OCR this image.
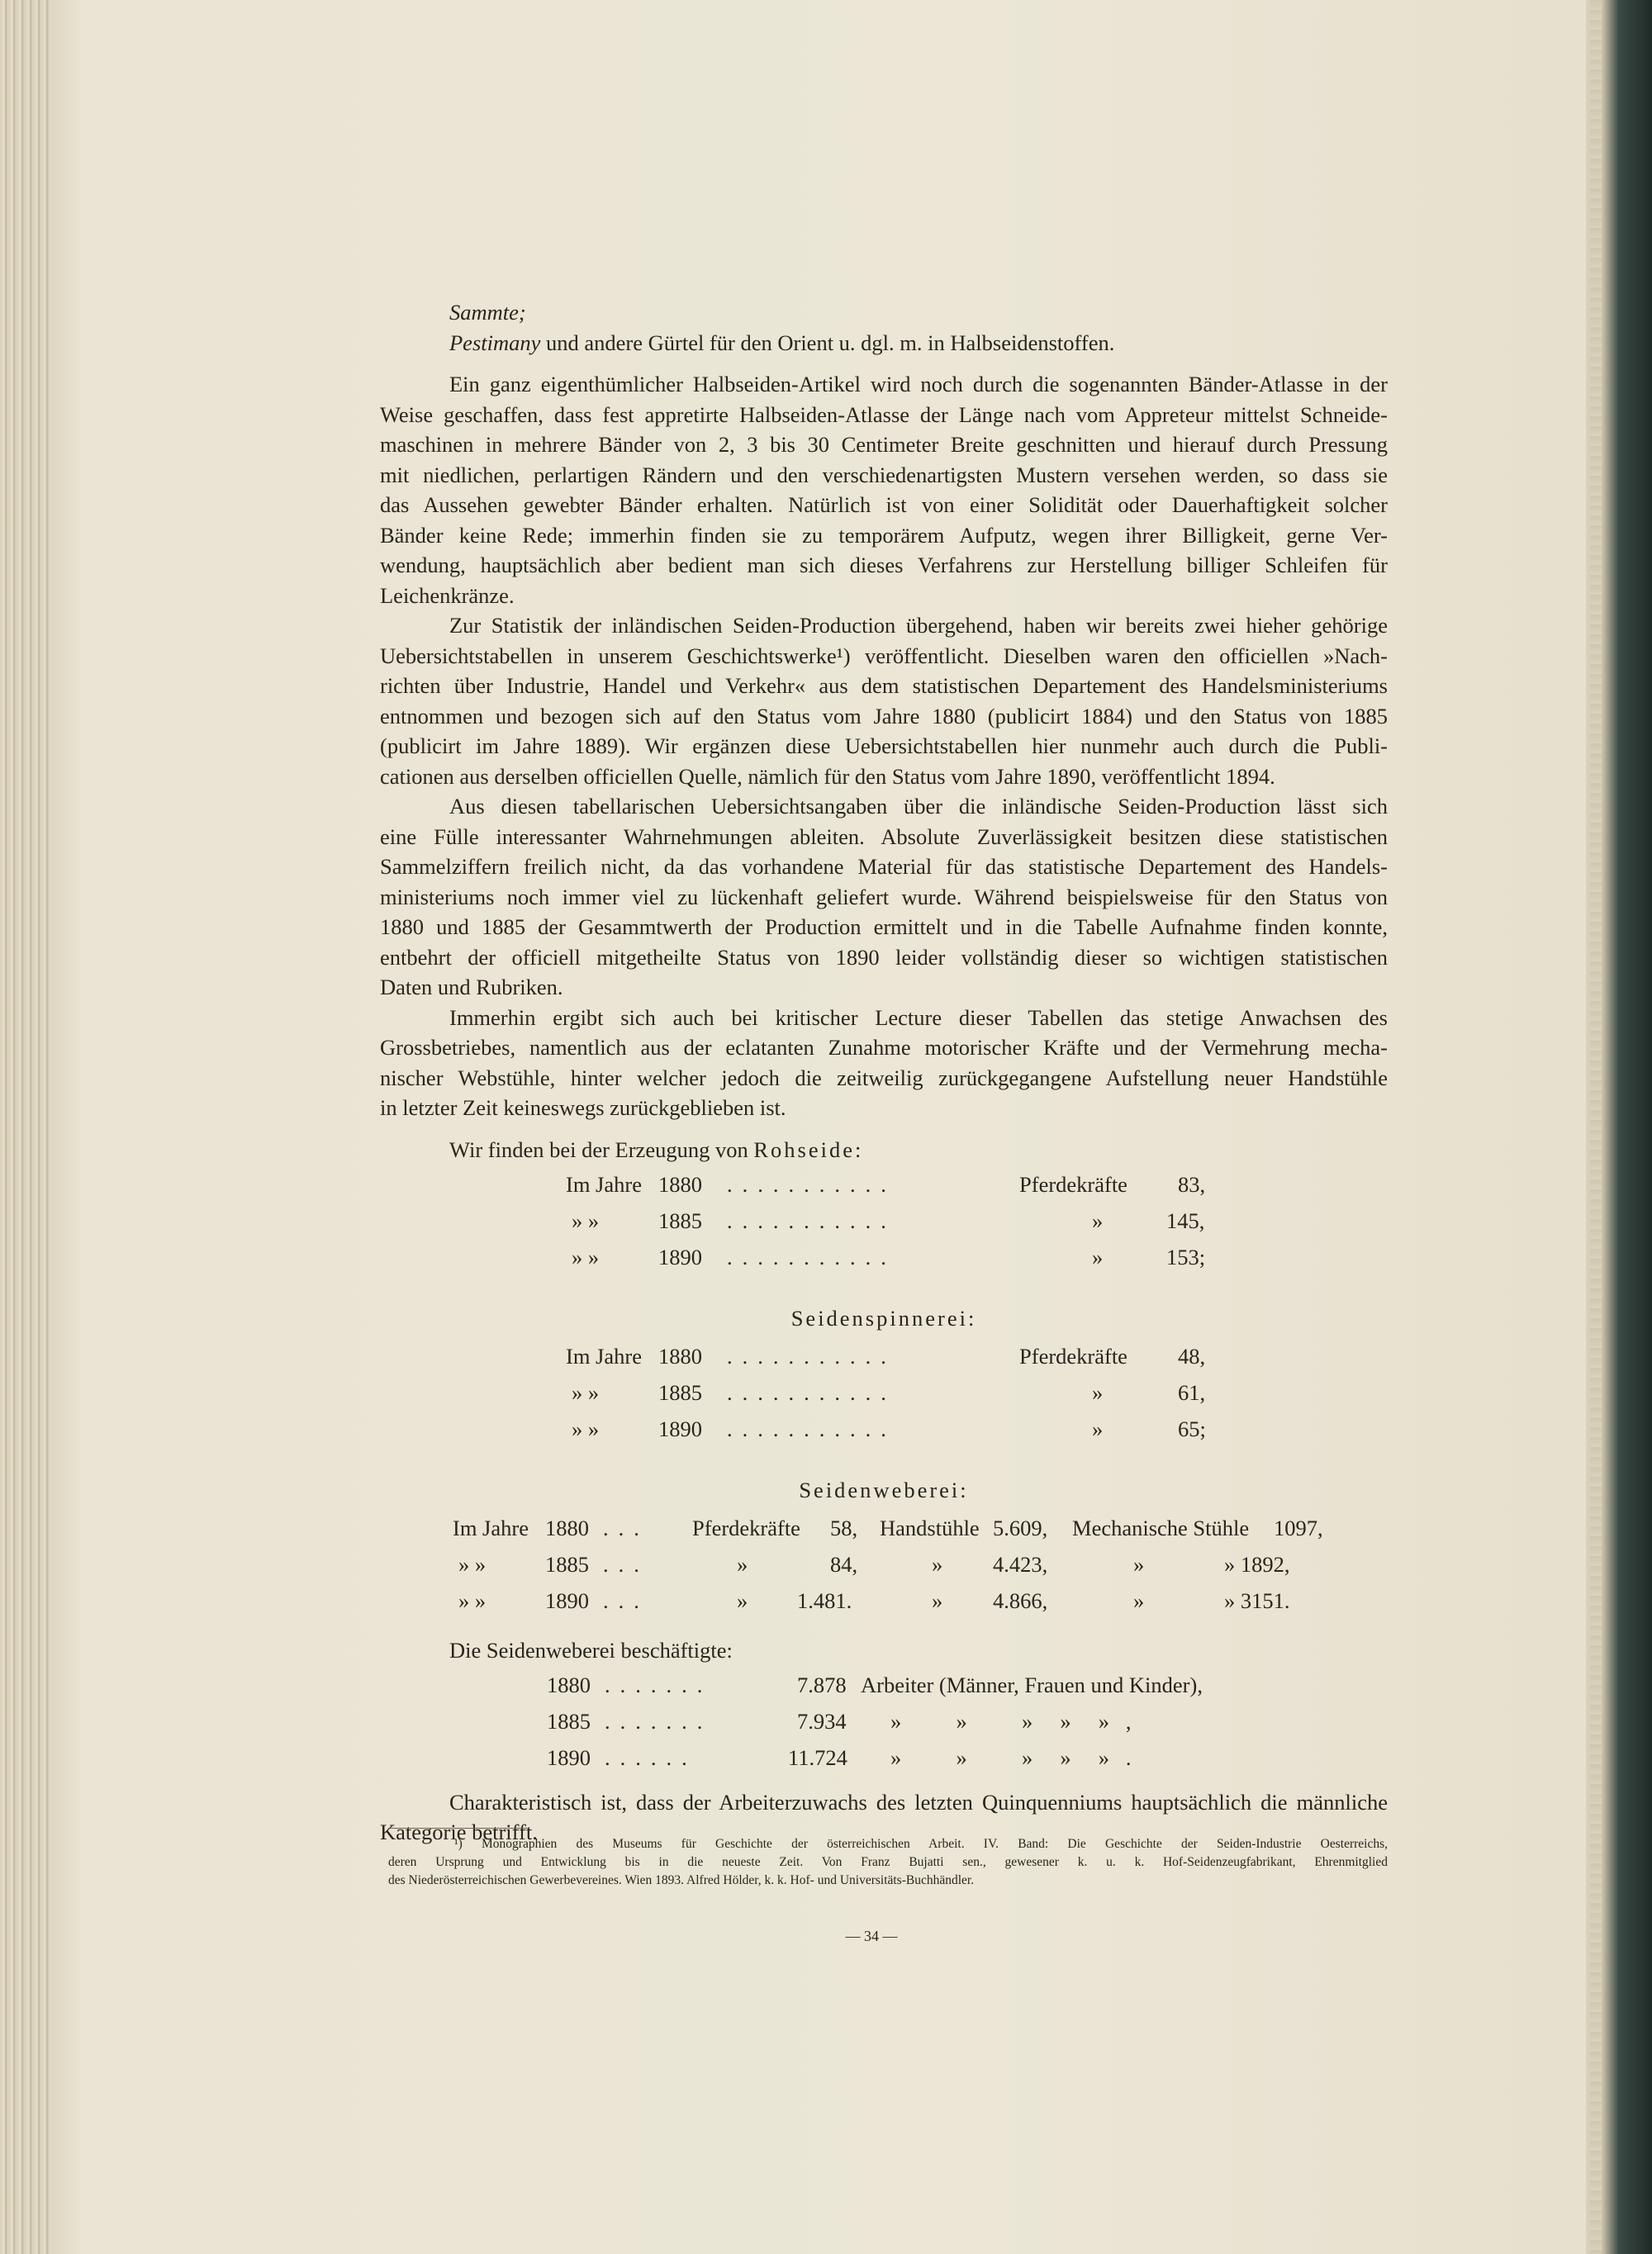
Sammte;
Pestimany und andere Gürtel für den Orient u. dgl. m. in Halbseidenstoffen.
Ein ganz eigenthümlicher Halbseiden-Artikel wird noch durch die sogenannten Bänder-Atlasse in der
Weise geschaffen, dass fest appretirte Halbseiden-Atlasse der Länge nach vom Appreteur mittelst Schneide-
maschinen in mehrere Bänder von 2, 3 bis 30 Centimeter Breite geschnitten und hierauf durch Pressung
mit niedlichen, perlartigen Rändern und den verschiedenartigsten Mustern versehen werden, so dass sie
das Aussehen gewebter Bänder erhalten. Natürlich ist von einer Solidität oder Dauerhaftigkeit solcher
Bänder keine Rede; immerhin finden sie zu temporärem Aufputz, wegen ihrer Billigkeit, gerne Ver-
wendung, hauptsächlich aber bedient man sich dieses Verfahrens zur Herstellung billiger Schleifen für
Leichenkränze.
Zur Statistik der inländischen Seiden-Production übergehend, haben wir bereits zwei hieher gehörige
Uebersichtstabellen in unserem Geschichtswerke¹) veröffentlicht. Dieselben waren den officiellen »Nach-
richten über Industrie, Handel und Verkehr« aus dem statistischen Departement des Handelsministeriums
entnommen und bezogen sich auf den Status vom Jahre 1880 (publicirt 1884) und den Status von 1885
(publicirt im Jahre 1889). Wir ergänzen diese Uebersichtstabellen hier nunmehr auch durch die Publi-
cationen aus derselben officiellen Quelle, nämlich für den Status vom Jahre 1890, veröffentlicht 1894.
Aus diesen tabellarischen Uebersichtsangaben über die inländische Seiden-Production lässt sich
eine Fülle interessanter Wahrnehmungen ableiten. Absolute Zuverlässigkeit besitzen diese statistischen
Sammelziffern freilich nicht, da das vorhandene Material für das statistische Departement des Handels-
ministeriums noch immer viel zu lückenhaft geliefert wurde. Während beispielsweise für den Status von
1880 und 1885 der Gesammtwerth der Production ermittelt und in die Tabelle Aufnahme finden konnte,
entbehrt der officiell mitgetheilte Status von 1890 leider vollständig dieser so wichtigen statistischen
Daten und Rubriken.
Immerhin ergibt sich auch bei kritischer Lecture dieser Tabellen das stetige Anwachsen des
Grossbetriebes, namentlich aus der eclatanten Zunahme motorischer Kräfte und der Vermehrung mecha-
nischer Webstühle, hinter welcher jedoch die zeitweilig zurückgegangene Aufstellung neuer Handstühle
in letzter Zeit keineswegs zurückgeblieben ist.
Wir finden bei der Erzeugung von Rohseide:
Im Jahre 1880 ...........	Pferdekräfte 83,
» »	1885 ...........	»	145,
» »	1890 ...........	»	153;
Seidenspinnerei:
Im Jahre 1880 ...........	Pferdekräfte 48,
» »	1885 ...........	»	61,
» »	1890 ...........	»	65;
Seidenweberei:
Im Jahre 1880 ... Pferdekräfte 58, Handstühle 5.609, Mechanische Stühle 1097,
» »	1885 ...	»	84,	» 4.423,	»	» 1892,
» »	1890 ...	» 1.481.	» 4.866,	»	» 3151.
Die Seidenweberei beschäftigte:
1880 .......	7.878 Arbeiter (Männer, Frauen und Kinder),
1885 .......	7.934 »          »          »     »     »   ,
1890 ......	11.724 »          »          »     »     »   .
Charakteristisch ist, dass der Arbeiterzuwachs des letzten Quinquenniums hauptsächlich die männliche
Kategorie betrifft.
¹) Monographien des Museums für Geschichte der österreichischen Arbeit. IV. Band: Die Geschichte der Seiden-Industrie Oesterreichs,
deren Ursprung und Entwicklung bis in die neueste Zeit. Von Franz Bujatti sen., gewesener k. u. k. Hof-Seidenzeugfabrikant, Ehrenmitglied
des Niederösterreichischen Gewerbevereines. Wien 1893. Alfred Hölder, k. k. Hof- und Universitäts-Buchhändler.
— 34 —
